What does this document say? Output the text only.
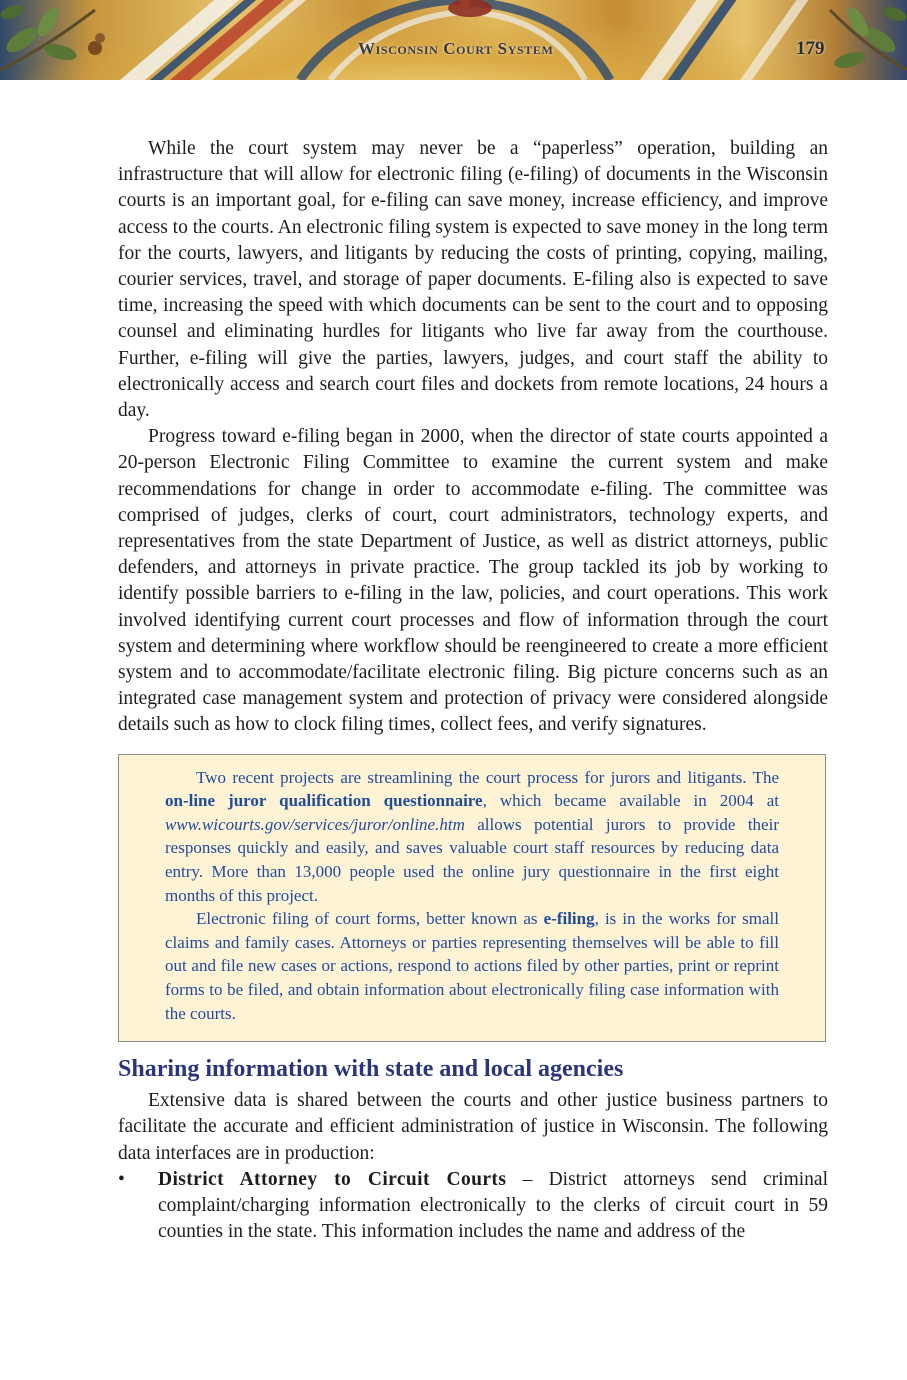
Wisconsin Court System	179

While the court system may never be a “paperless” operation, building an infrastructure that will allow for electronic filing (e-filing) of documents in the Wisconsin courts is an important goal, for e-filing can save money, increase efficiency, and improve access to the courts. An electronic filing system is expected to save money in the long term for the courts, lawyers, and litigants by reducing the costs of printing, copying, mailing, courier services, travel, and storage of paper documents. E-filing also is expected to save time, increasing the speed with which documents can be sent to the court and to opposing counsel and eliminating hurdles for litigants who live far away from the courthouse. Further, e-filing will give the parties, lawyers, judges, and court staff the ability to electronically access and search court files and dockets from remote locations, 24 hours a day.

Progress toward e-filing began in 2000, when the director of state courts appointed a 20-person Electronic Filing Committee to examine the current system and make recommendations for change in order to accommodate e-filing. The committee was comprised of judges, clerks of court, court administrators, technology experts, and representatives from the state Department of Justice, as well as district attorneys, public defenders, and attorneys in private practice. The group tackled its job by working to identify possible barriers to e-filing in the law, policies, and court operations. This work involved identifying current court processes and flow of information through the court system and determining where workflow should be reengineered to create a more efficient system and to accommodate/facilitate electronic filing. Big picture concerns such as an integrated case management system and protection of privacy were considered alongside details such as how to clock filing times, collect fees, and verify signatures.

Two recent projects are streamlining the court process for jurors and litigants. The on-line juror qualification questionnaire, which became available in 2004 at www.wicourts.gov/services/juror/online.htm allows potential jurors to provide their responses quickly and easily, and saves valuable court staff resources by reducing data entry. More than 13,000 people used the online jury questionnaire in the first eight months of this project.

Electronic filing of court forms, better known as e-filing, is in the works for small claims and family cases. Attorneys or parties representing themselves will be able to fill out and file new cases or actions, respond to actions filed by other parties, print or reprint forms to be filed, and obtain information about electronically filing case information with the courts.

Sharing information with state and local agencies

Extensive data is shared between the courts and other justice business partners to facilitate the accurate and efficient administration of justice in Wisconsin. The following data interfaces are in production:

• District Attorney to Circuit Courts – District attorneys send criminal complaint/charging information electronically to the clerks of circuit court in 59 counties in the state. This information includes the name and address of the
